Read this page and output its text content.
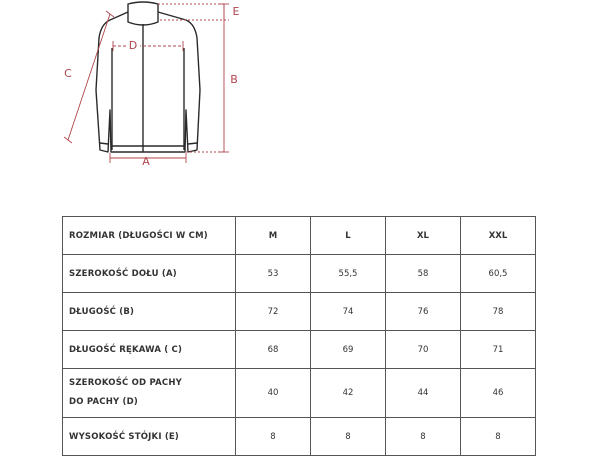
D
A
B
C
E
ROZMIAR (DŁUGOŚCI W CM)	M	L	XL	XXL
SZEROKOŚĆ DOŁU (A)	53	55,5	58	60,5
DŁUGOŚĆ (B)	72	74	76	78
DŁUGOŚĆ RĘKAWA ( C)	68	69	70	71

SZEROKOŚĆ OD PACHY
DO PACHY (D)	40	42	44	46
WYSOKOŚĆ STÓJKI (E)	8	8	8	8
